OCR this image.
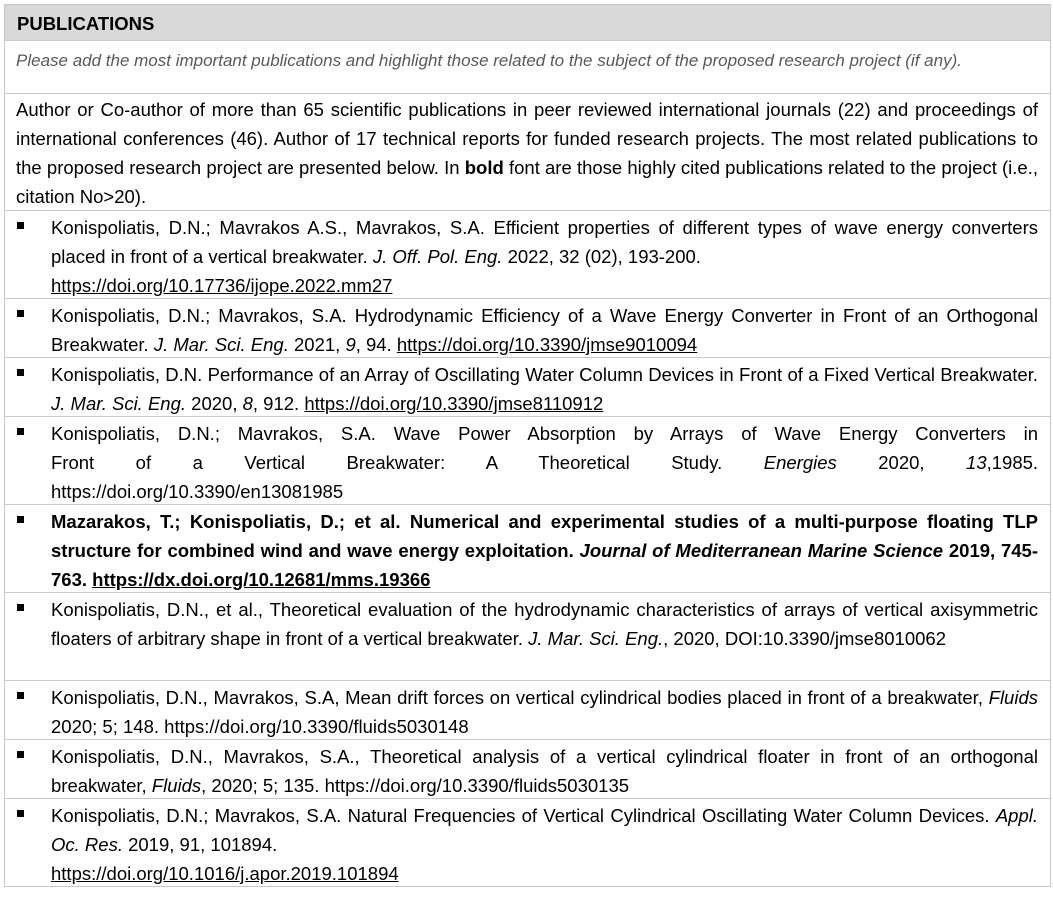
PUBLICATIONS
Please add the most important publications and highlight those related to the subject of the proposed research project (if any).
Author or Co-author of more than 65 scientific publications in peer reviewed international journals (22) and proceedings of international conferences (46). Author of 17 technical reports for funded research projects. The most related publications to the proposed research project are presented below. In bold font are those highly cited publications related to the project (i.e., citation No>20).
Konispoliatis, D.N.; Mavrakos A.S., Mavrakos, S.A. Efficient properties of different types of wave energy converters placed in front of a vertical breakwater. J. Off. Pol. Eng. 2022, 32 (02), 193-200.
https://doi.org/10.17736/ijope.2022.mm27
Konispoliatis, D.N.; Mavrakos, S.A. Hydrodynamic Efficiency of a Wave Energy Converter in Front of an Orthogonal Breakwater. J. Mar. Sci. Eng. 2021, 9, 94. https://doi.org/10.3390/jmse9010094
Konispoliatis, D.N. Performance of an Array of Oscillating Water Column Devices in Front of a Fixed Vertical Breakwater. J. Mar. Sci. Eng. 2020, 8, 912. https://doi.org/10.3390/jmse8110912
Konispoliatis, D.N.; Mavrakos, S.A. Wave Power Absorption by Arrays of Wave Energy Converters in
Front of a Vertical Breakwater: A Theoretical Study. Energies 2020, 13,1985.
https://doi.org/10.3390/en13081985
Mazarakos, T.; Konispoliatis, D.; et al. Numerical and experimental studies of a multi-purpose floating TLP structure for combined wind and wave energy exploitation. Journal of Mediterranean Marine Science 2019, 745-763. https://dx.doi.org/10.12681/mms.19366
Konispoliatis, D.N., et al., Theoretical evaluation of the hydrodynamic characteristics of arrays of vertical axisymmetric floaters of arbitrary shape in front of a vertical breakwater. J. Mar. Sci. Eng., 2020, DOI:10.3390/jmse8010062
Konispoliatis, D.N., Mavrakos, S.A, Mean drift forces on vertical cylindrical bodies placed in front of a breakwater, Fluids 2020; 5; 148. https://doi.org/10.3390/fluids5030148
Konispoliatis, D.N., Mavrakos, S.A., Theoretical analysis of a vertical cylindrical floater in front of an orthogonal breakwater, Fluids, 2020; 5; 135. https://doi.org/10.3390/fluids5030135
Konispoliatis, D.N.; Mavrakos, S.A. Natural Frequencies of Vertical Cylindrical Oscillating Water Column Devices. Appl. Oc. Res. 2019, 91, 101894.
https://doi.org/10.1016/j.apor.2019.101894
